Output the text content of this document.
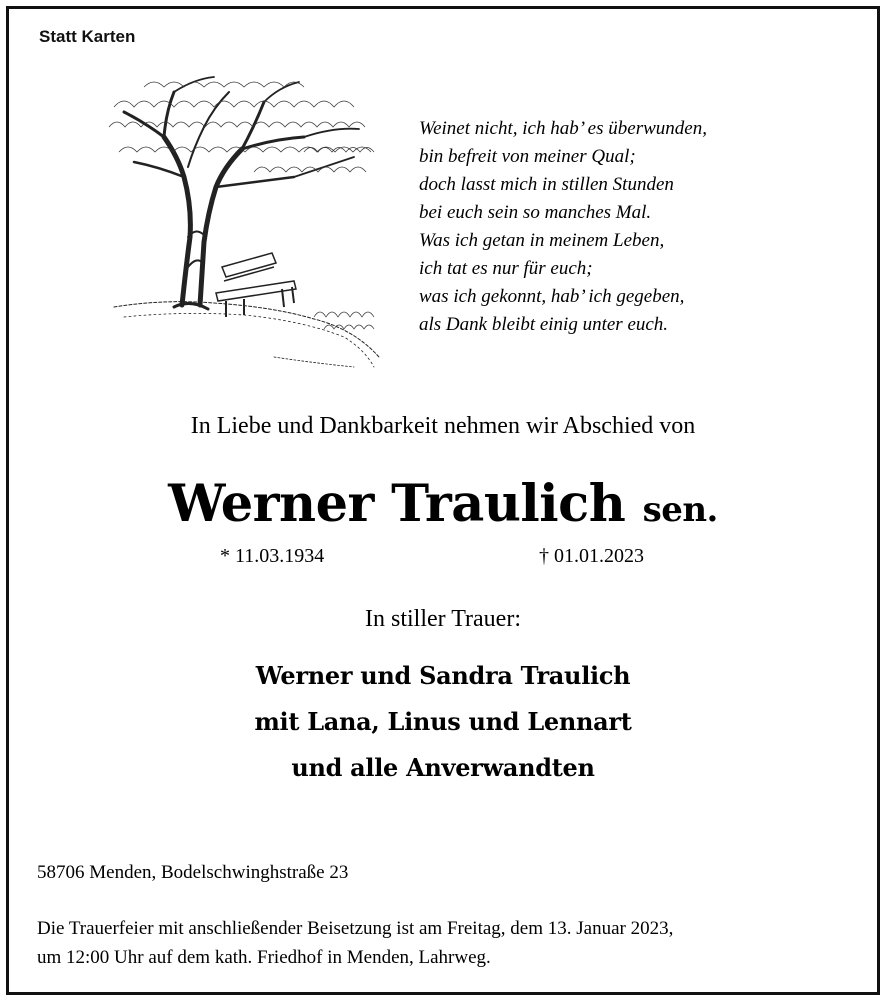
Statt Karten
Weinet nicht, ich hab’ es überwunden,
bin befreit von meiner Qual;
doch lasst mich in stillen Stunden
bei euch sein so manches Mal.
Was ich getan in meinem Leben,
ich tat es nur für euch;
was ich gekonnt, hab’ ich gegeben,
als Dank bleibt einig unter euch.
In Liebe und Dankbarkeit nehmen wir Abschied von
Werner Traulich sen.
* 11.03.1934	† 01.01.2023
In stiller Trauer:
Werner und Sandra Traulich
mit Lana, Linus und Lennart
und alle Anverwandten
58706 Menden, Bodelschwinghstraße 23
Die Trauerfeier mit anschließender Beisetzung ist am Freitag, dem 13. Januar 2023,
um 12:00 Uhr auf dem kath. Friedhof in Menden, Lahrweg.
